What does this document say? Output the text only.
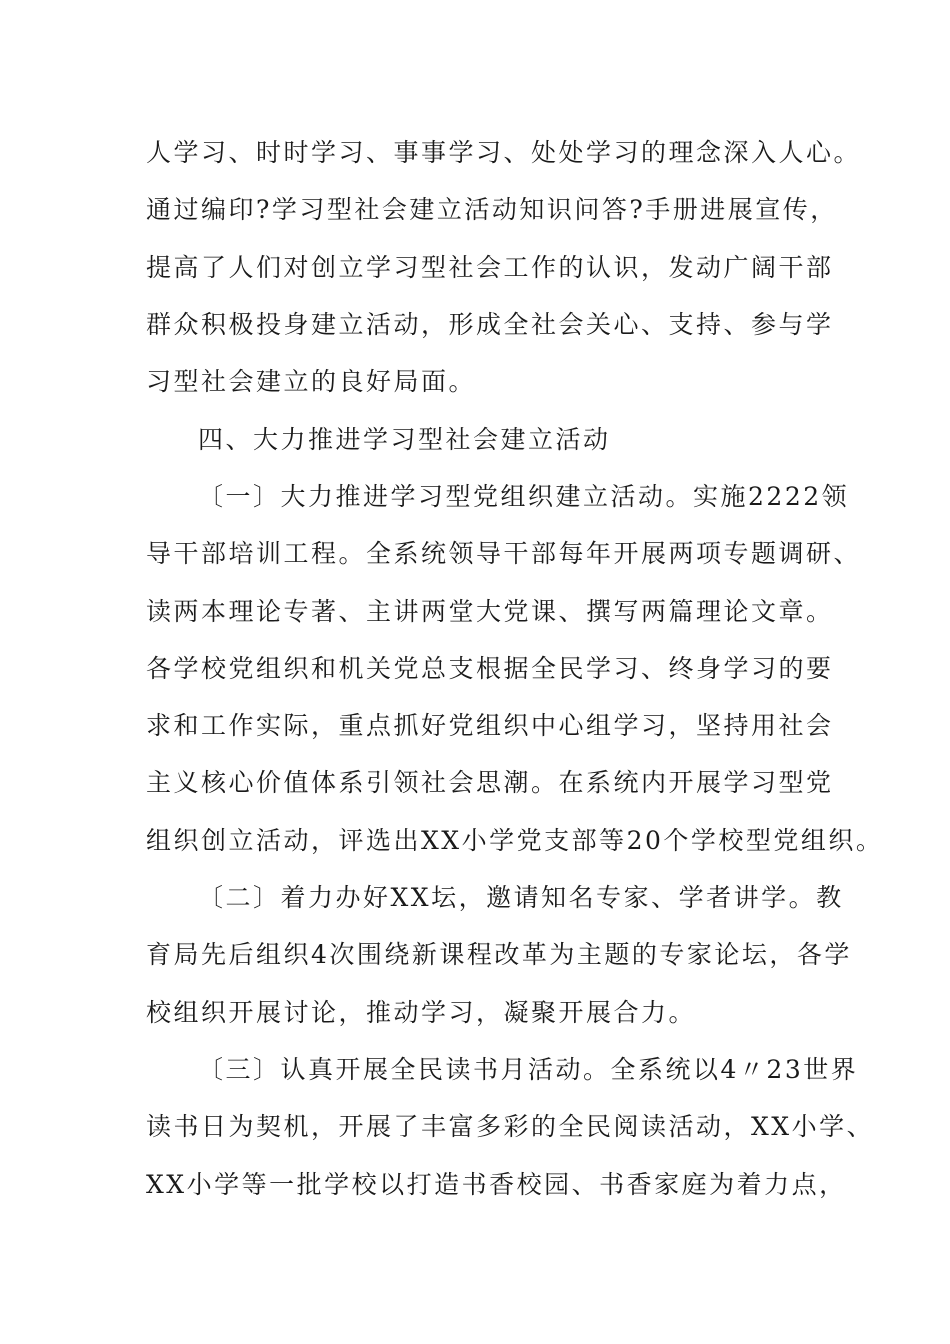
人学习、时时学习、事事学习、处处学习的理念深入人心。
通过编印?学习型社会建立活动知识问答?手册进展宣传，
提高了人们对创立学习型社会工作的认识，发动广阔干部
群众积极投身建立活动，形成全社会关心、支持、参与学
习型社会建立的良好局面。
四、大力推进学习型社会建立活动
〔一〕大力推进学习型党组织建立活动。实施2222领
导干部培训工程。全系统领导干部每年开展两项专题调研、
读两本理论专著、主讲两堂大党课、撰写两篇理论文章。
各学校党组织和机关党总支根据全民学习、终身学习的要
求和工作实际，重点抓好党组织中心组学习，坚持用社会
主义核心价值体系引领社会思潮。在系统内开展学习型党
组织创立活动，评选出XX小学党支部等20个学校型党组织。
〔二〕着力办好XX坛，邀请知名专家、学者讲学。教
育局先后组织4次围绕新课程改革为主题的专家论坛，各学
校组织开展讨论，推动学习，凝聚开展合力。
〔三〕认真开展全民读书月活动。全系统以4〃23世界
读书日为契机，开展了丰富多彩的全民阅读活动，XX小学、
XX小学等一批学校以打造书香校园、书香家庭为着力点，
